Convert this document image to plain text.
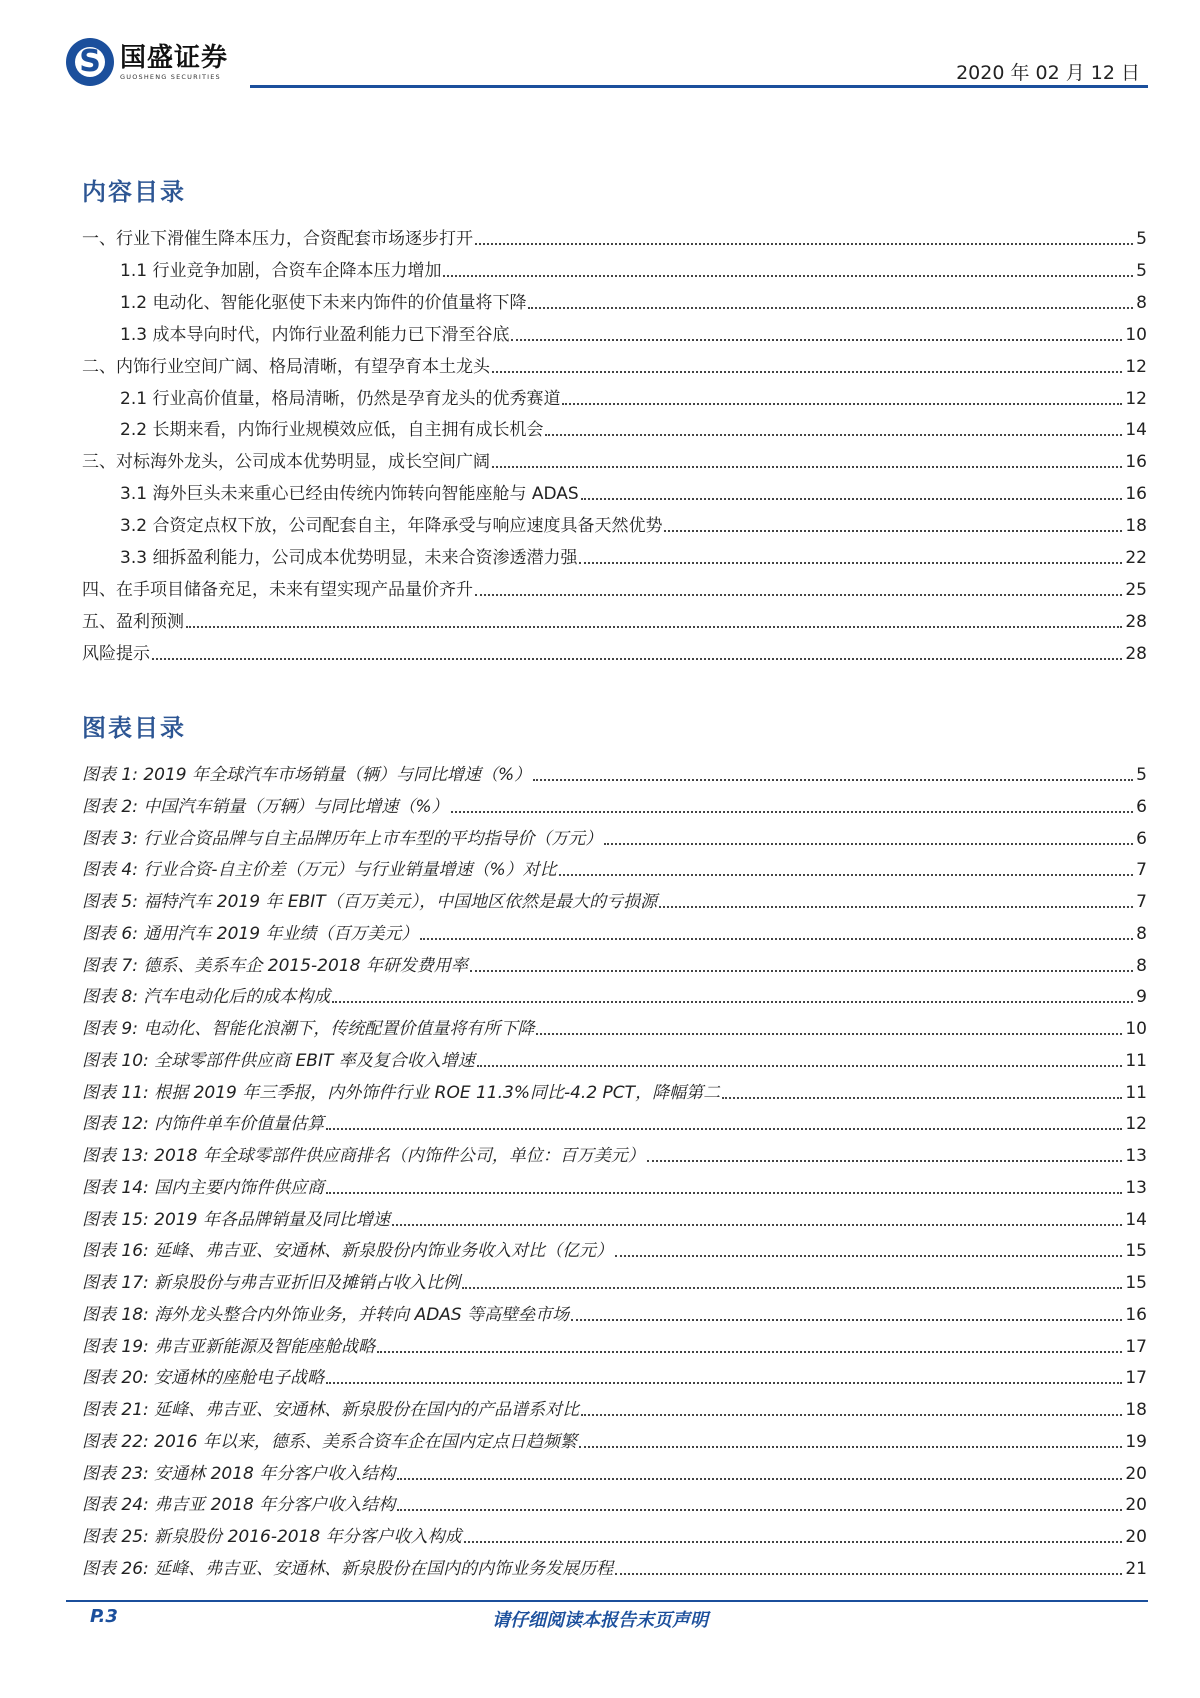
S
国盛证券
GUOSHENG SECURITIES	2020 年 02 月 12 日
内容目录
一、行业下滑催生降本压力，合资配套市场逐步打开	5
1.1 行业竞争加剧，合资车企降本压力增加	5
1.2 电动化、智能化驱使下未来内饰件的价值量将下降	8
1.3 成本导向时代，内饰行业盈利能力已下滑至谷底	10
二、内饰行业空间广阔、格局清晰，有望孕育本土龙头	12
2.1 行业高价值量，格局清晰，仍然是孕育龙头的优秀赛道	12
2.2 长期来看，内饰行业规模效应低，自主拥有成长机会	14
三、对标海外龙头，公司成本优势明显，成长空间广阔	16
3.1 海外巨头未来重心已经由传统内饰转向智能座舱与 ADAS	16
3.2 合资定点权下放，公司配套自主，年降承受与响应速度具备天然优势	18
3.3 细拆盈利能力，公司成本优势明显，未来合资渗透潜力强	22
四、在手项目储备充足，未来有望实现产品量价齐升	25
五、盈利预测	28
风险提示	28
图表目录
图表 1: 2019 年全球汽车市场销量（辆）与同比增速（%）	5
图表 2: 中国汽车销量（万辆）与同比增速（%）	6
图表 3: 行业合资品牌与自主品牌历年上市车型的平均指导价（万元）	6
图表 4: 行业合资-自主价差（万元）与行业销量增速（%）对比	7
图表 5: 福特汽车 2019 年 EBIT（百万美元），中国地区依然是最大的亏损源	7
图表 6: 通用汽车 2019 年业绩（百万美元）	8
图表 7: 德系、美系车企 2015-2018 年研发费用率	8
图表 8: 汽车电动化后的成本构成	9
图表 9: 电动化、智能化浪潮下，传统配置价值量将有所下降	10
图表 10: 全球零部件供应商 EBIT 率及复合收入增速	11
图表 11: 根据 2019 年三季报，内外饰件行业 ROE 11.3%同比-4.2 PCT，降幅第二	11
图表 12: 内饰件单车价值量估算	12
图表 13: 2018 年全球零部件供应商排名（内饰件公司，单位：百万美元）	13
图表 14: 国内主要内饰件供应商	13
图表 15: 2019 年各品牌销量及同比增速	14
图表 16: 延峰、弗吉亚、安通林、新泉股份内饰业务收入对比（亿元）	15
图表 17: 新泉股份与弗吉亚折旧及摊销占收入比例	15
图表 18: 海外龙头整合内外饰业务，并转向 ADAS 等高壁垒市场	16
图表 19: 弗吉亚新能源及智能座舱战略	17
图表 20: 安通林的座舱电子战略	17
图表 21: 延峰、弗吉亚、安通林、新泉股份在国内的产品谱系对比	18
图表 22: 2016 年以来，德系、美系合资车企在国内定点日趋频繁	19
图表 23: 安通林 2018 年分客户收入结构	20
图表 24: 弗吉亚 2018 年分客户收入结构	20
图表 25: 新泉股份 2016-2018 年分客户收入构成	20
图表 26: 延峰、弗吉亚、安通林、新泉股份在国内的内饰业务发展历程	21
P.3	请仔细阅读本报告末页声明
